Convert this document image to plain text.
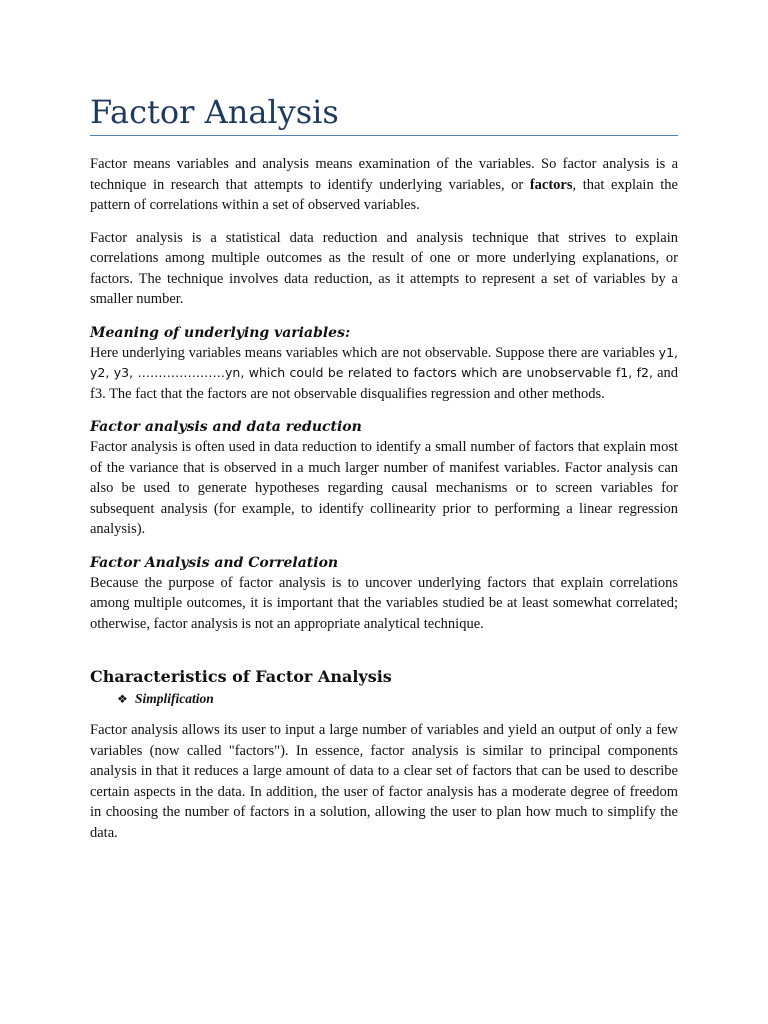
Factor Analysis

Factor means variables and analysis means examination of the variables. So factor analysis is a technique in research that attempts to identify underlying variables, or factors, that explain the pattern of correlations within a set of observed variables.

Factor analysis is a statistical data reduction and analysis technique that strives to explain correlations among multiple outcomes as the result of one or more underlying explanations, or factors. The technique involves data reduction, as it attempts to represent a set of variables by a smaller number.

Meaning of underlying variables:

Here underlying variables means variables which are not observable. Suppose there are variables y1, y2, y3, …………………yn, which could be related to factors which are unobservable f1, f2, and f3. The fact that the factors are not observable disqualifies regression and other methods.

Factor analysis and data reduction

Factor analysis is often used in data reduction to identify a small number of factors that explain most of the variance that is observed in a much larger number of manifest variables. Factor analysis can also be used to generate hypotheses regarding causal mechanisms or to screen variables for subsequent analysis (for example, to identify collinearity prior to performing a linear regression analysis).

Factor Analysis and Correlation

Because the purpose of factor analysis is to uncover underlying factors that explain correlations among multiple outcomes, it is important that the variables studied be at least somewhat correlated; otherwise, factor analysis is not an appropriate analytical technique.

Characteristics of Factor Analysis
❖ Simplification

Factor analysis allows its user to input a large number of variables and yield an output of only a few variables (now called "factors"). In essence, factor analysis is similar to principal components analysis in that it reduces a large amount of data to a clear set of factors that can be used to describe certain aspects in the data. In addition, the user of factor analysis has a moderate degree of freedom in choosing the number of factors in a solution, allowing the user to plan how much to simplify the data.
